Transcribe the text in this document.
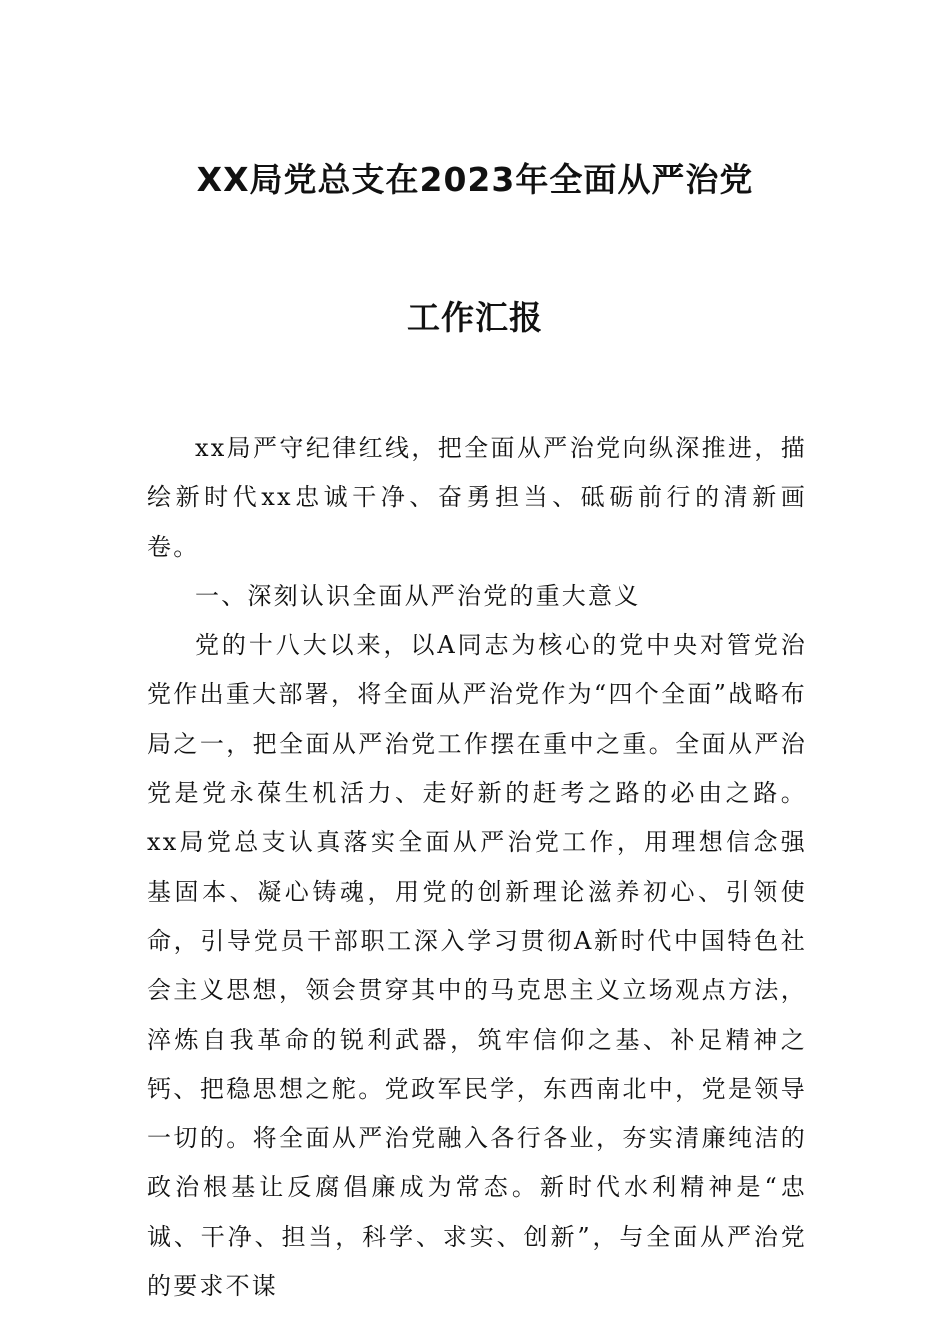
XX局党总支在2023年全面从严治党
工作汇报

xx局严守纪律红线，把全面从严治党向纵深推进，描绘新时代xx忠诚干净、奋勇担当、砥砺前行的清新画卷。

一、深刻认识全面从严治党的重大意义

党的十八大以来，以A同志为核心的党中央对管党治党作出重大部署，将全面从严治党作为“四个全面”战略布局之一，把全面从严治党工作摆在重中之重。全面从严治党是党永葆生机活力、走好新的赶考之路的必由之路。xx局党总支认真落实全面从严治党工作，用理想信念强基固本、凝心铸魂，用党的创新理论滋养初心、引领使命，引导党员干部职工深入学习贯彻A新时代中国特色社会主义思想，领会贯穿其中的马克思主义立场观点方法，淬炼自我革命的锐利武器，筑牢信仰之基、补足精神之钙、把稳思想之舵。党政军民学，东西南北中，党是领导一切的。将全面从严治党融入各行各业，夯实清廉纯洁的政治根基让反腐倡廉成为常态。新时代水利精神是“忠诚、干净、担当，科学、求实、创新”，与全面从严治党的要求不谋
